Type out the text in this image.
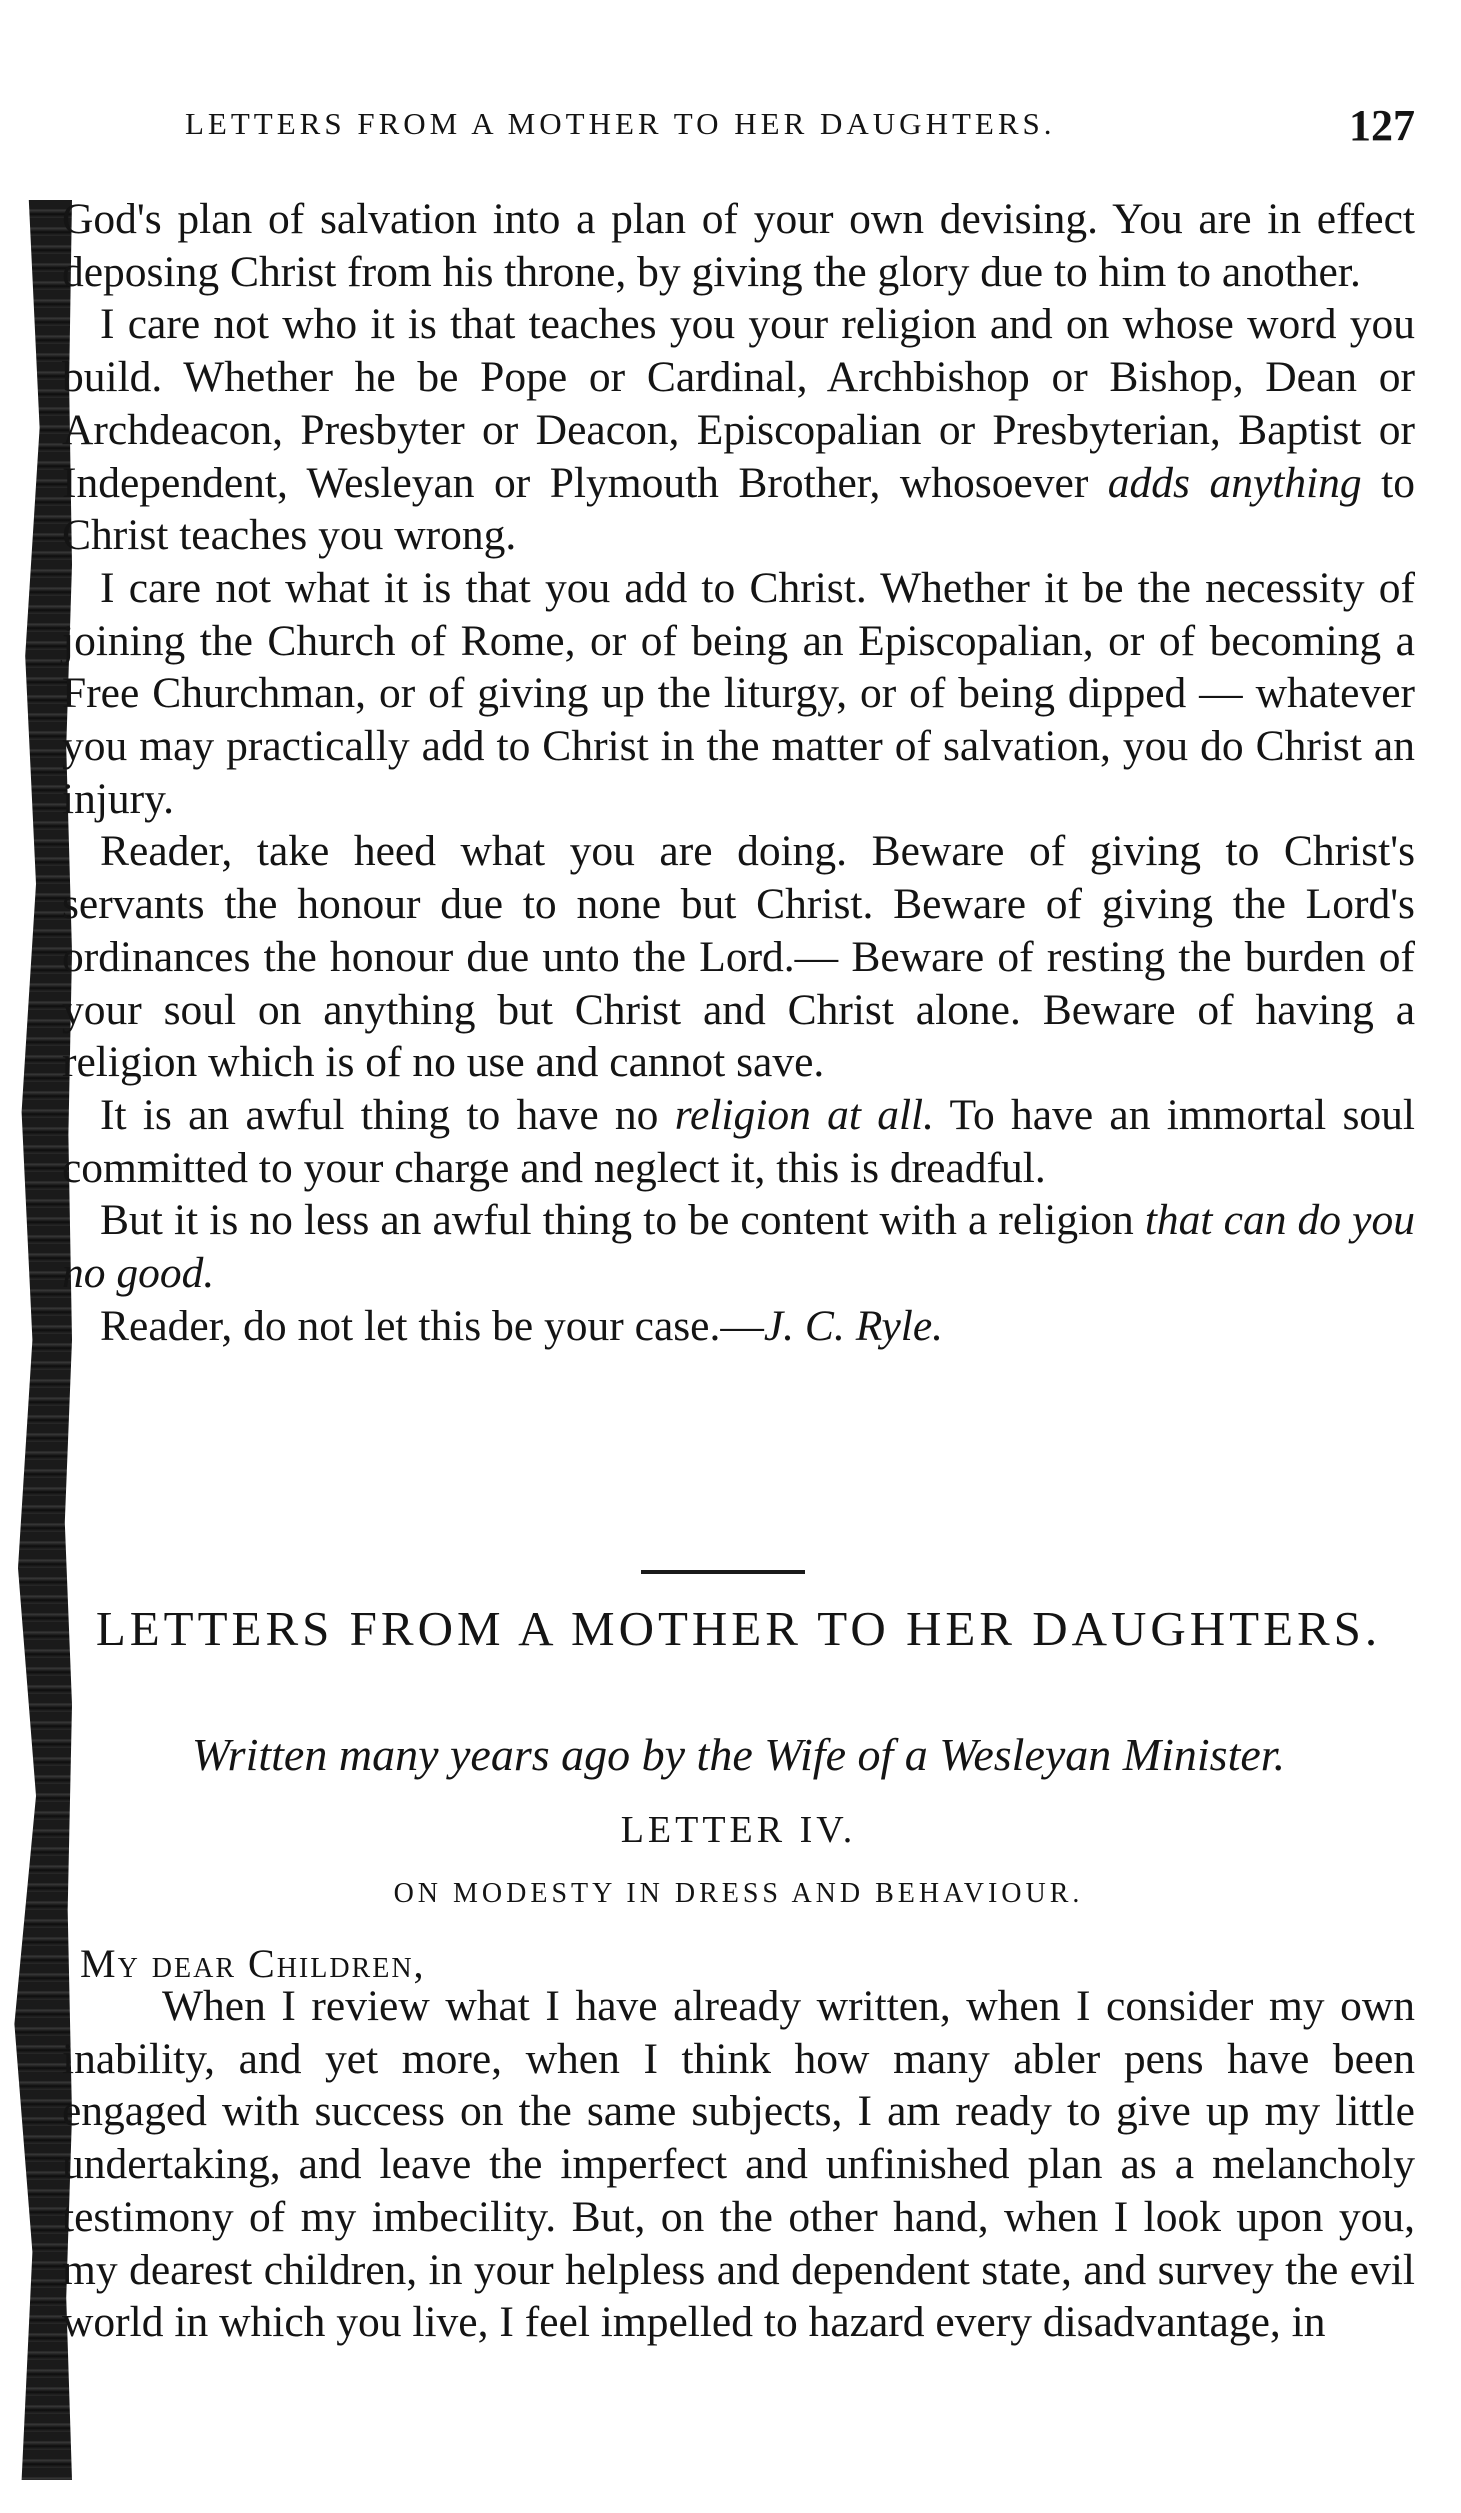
LETTERS FROM A MOTHER TO HER DAUGHTERS.	127

God's plan of salvation into a plan of your own devising. You are in effect deposing Christ from his throne, by giving the glory due to him to another.

I care not who it is that teaches you your religion and on whose word you build. Whether he be Pope or Cardinal, Archbishop or Bishop, Dean or Archdeacon, Presbyter or Deacon, Episcopalian or Presbyterian, Baptist or Independent, Wesleyan or Plymouth Brother, whosoever adds anything to Christ teaches you wrong.

I care not what it is that you add to Christ. Whether it be the necessity of joining the Church of Rome, or of being an Episcopalian, or of becoming a Free Churchman, or of giving up the liturgy, or of being dipped — whatever you may practically add to Christ in the matter of salvation, you do Christ an injury.

Reader, take heed what you are doing. Beware of giving to Christ's servants the honour due to none but Christ. Beware of giving the Lord's ordinances the honour due unto the Lord.— Beware of resting the burden of your soul on anything but Christ and Christ alone. Beware of having a religion which is of no use and cannot save.

It is an awful thing to have no religion at all. To have an immortal soul committed to your charge and neglect it, this is dreadful.

But it is no less an awful thing to be content with a religion that can do you no good.

Reader, do not let this be your case.—J. C. Ryle.

LETTERS FROM A MOTHER TO HER DAUGHTERS.
Written many years ago by the Wife of a Wesleyan Minister.
LETTER IV.
ON MODESTY IN DRESS AND BEHAVIOUR.
My dear Children,

When I review what I have already written, when I consider my own inability, and yet more, when I think how many abler pens have been engaged with success on the same subjects, I am ready to give up my little undertaking, and leave the imperfect and unfinished plan as a melancholy testimony of my imbecility. But, on the other hand, when I look upon you, my dearest children, in your helpless and dependent state, and survey the evil world in which you live, I feel impelled to hazard every disadvantage, in
